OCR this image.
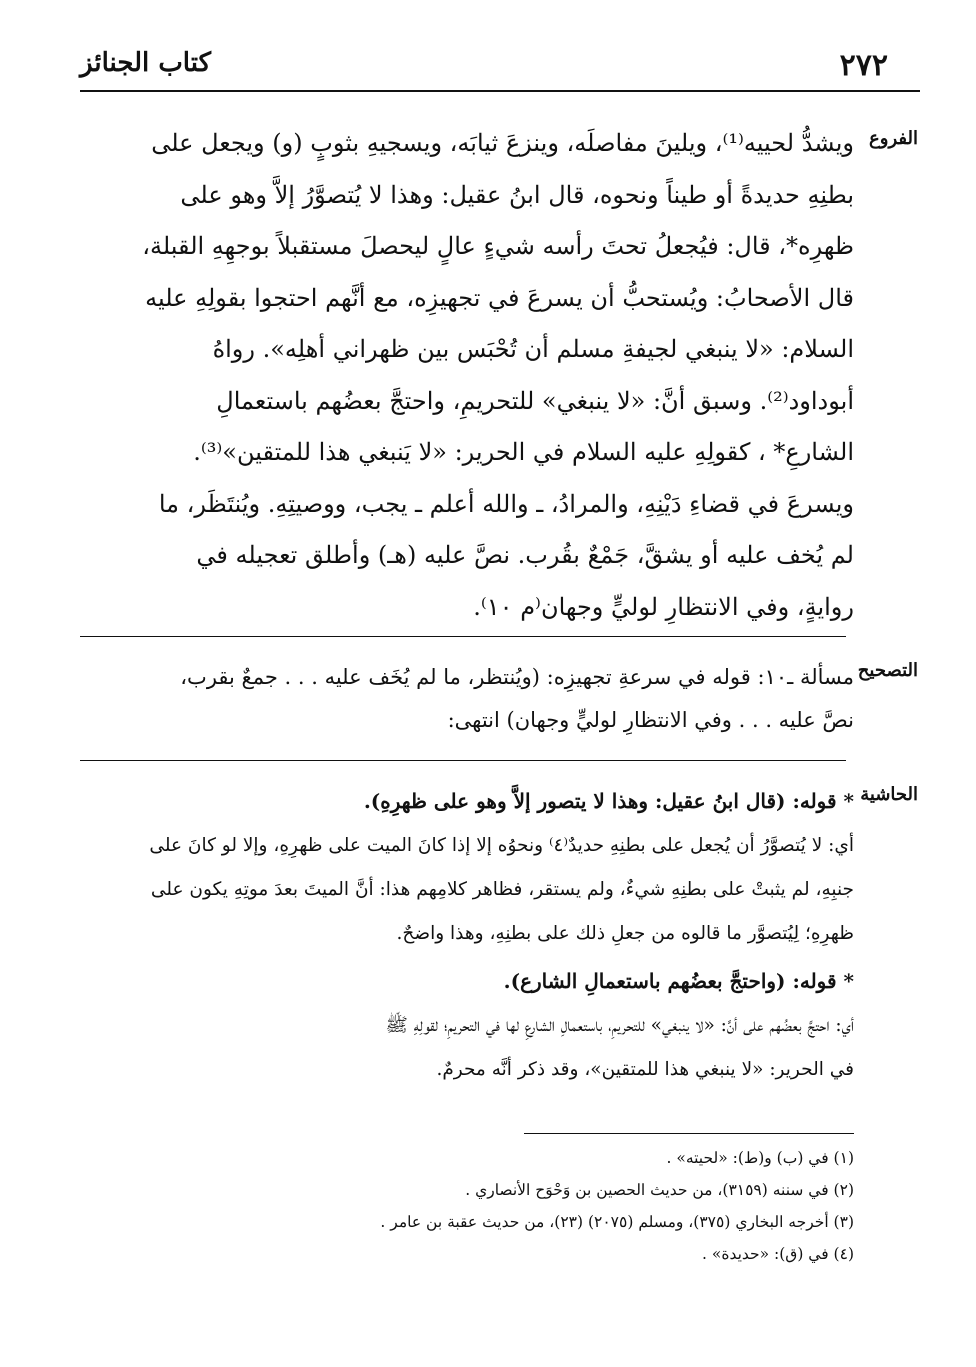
٢٧٢
كتاب الجنائز
الفروع
ويشدُّ لحييه⁽¹⁾، ويلينَ مفاصلَه، وينزعَ ثيابَه، ويسجيهِ بثوبٍ (و) ويجعل على
بطنِهِ حديدةً أو طيناً ونحوه، قال ابنُ عقيل: وهذا لا يُتصوَّرُ إلاَّ وهو على
ظهرِه*، قال: فيُجعلُ تحتَ رأسه شيءٍ عالٍ ليحصلَ مستقبلاً بوجهِهِ القبلة،
قال الأصحابُ: ويُستحبُّ أن يسرعَ في تجهيزِه، مع أنَّهم احتجوا بقولِهِ عليه
السلام: «لا ينبغي لجيفةِ مسلم أن تُحْبَس بين ظهراني أهلِه». رواهُ
أبوداود⁽²⁾. وسبق أنَّ: «لا ينبغي» للتحريمِ، واحتجَّ بعضُهم باستعمالِ
الشارعِ* ، كقولِهِ عليه السلام في الحرير: «لا يَنبغي هذا للمتقين»⁽³⁾.
ويسرعَ في قضاءِ دَيْنِهِ، والمرادُ، ـ والله أعلم ـ يجب، ووصيتِهِ. ويُنتَظَر، ما
لم يُخف عليه أو يشقَّ، جَمْعٌ بقُرب. نصَّ عليه (هـ) وأطلق تعجيله في
روايةٍ، وفي الانتظارِ لوليٍّ وجهان⁽م ١٠⁾.
التصحيح
مسألة ـ١٠: قوله في سرعةِ تجهيزِه: (ويُنتظر، ما لم يُخَف عليه . . . جمعٌ بقرب،
نصَّ عليه . . . وفي الانتظارِ لوليٍّ وجهان) انتهى:
الحاشية
* قوله: (قال ابنُ عقيل: وهذا لا يتصور إلاَّ وهو على ظهرِهِ).
أي: لا يُتصوَّرُ أن يُجعل على بطنِهِ حديدٌ⁽٤⁾ ونحوُه إلا إذا كانَ الميت على ظهرِهِ، وإلا لو كانَ على
جنبِهِ، لم يثبتْ على بطنِهِ شيءٌ، ولم يستقر، فظاهر كلامِهم هذا: أنَّ الميتَ بعدَ موتِهِ يكون على
ظهرِهِ؛ لِيُتصوَّر ما قالوه من جعلِ ذلك على بطنِهِ، وهذا واضحٌ.
* قوله: (واحتجَّ بعضُهم باستعمالِ الشارع).
أي: احتجَّ بعضُهم على أنَّ: «لا ينبغي» للتحريمِ، باستعمالِ الشارعِ لها في التحريمِ؛ لقولِهِ ﷺ
في الحرير: «لا ينبغي هذا للمتقين»، وقد ذكر أنَّه محرمٌ.
(١) في (ب) و(ط): «لحيته» .
(٢) في سننه (٣١٥٩)، من حديث الحصين بن وَحْوَح الأنصاري .
(٣) أخرجه البخاري (٣٧٥)، ومسلم (٢٠٧٥) (٢٣)، من حديث عقبة بن عامر .
(٤) في (ق): «حديدة» .
